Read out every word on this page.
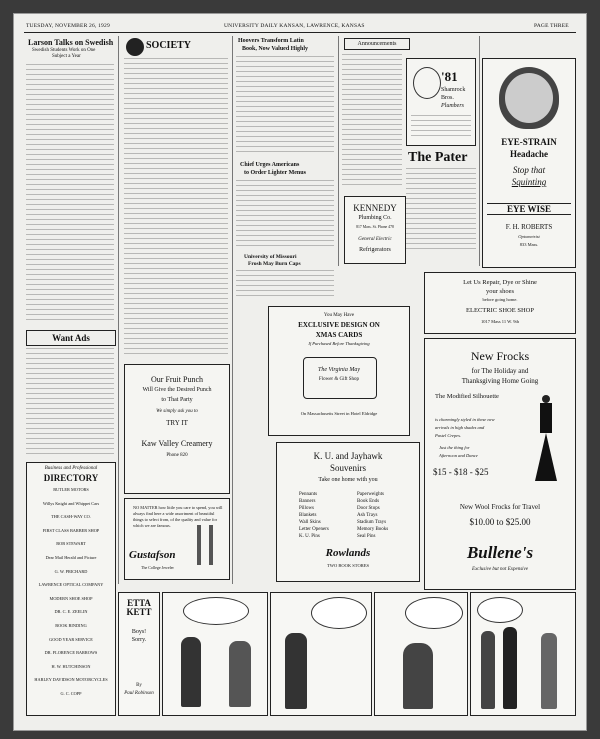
TUESDAY, NOVEMBER 26, 1929	UNIVERSITY DAILY KANSAN, LAWRENCE, KANSAS	PAGE THREE
Larson Talks on Swedish
Swedish Students Work on One
Subject a Year
Want Ads
Business and Professional
DIRECTORY
BUTLER MOTORS
Willys Knight and Whippet Cars
THE CASH-WAY CO.
FIRST CLASS BARBER SHOP
BOB STEWART
Dear Mail Herald and Picture
G. W. PRICHARD
LAWRENCE OPTICAL COMPANY
MODERN SHOE SHOP
DR. C. E. ZEELIN
BOOK BINDING
GOOD YEAR SERVICE
DR. FLORENCE BARROWS
H. W. HUTCHINSON
HARLEY DAVIDSON MOTORCYCLES
G. C. COPP
SOCIETY
Our Fruit Punch
Will Give the Desired Punch
to That Party
We simply ask you to
TRY IT
Kaw Valley Creamery
Phone 820
NO MATTER how little you care to spend, you will always find here a wide assortment of beautiful things to select from, of the quality and value for which we are famous.
Gustafson
The College Jeweler
Hoovers Transform Latin
Book, Now Valued Highly
Chief Urges Americans
to Order Lighter Menus
University of Missouri
Frosh May Burn Caps
Announcements
KENNEDY
Plumbing Co.
817 Mass. St. Phone 478
General Electric
Refrigerators
'81
Shamrock
Bros.
Plumbers
The Pater
EYE-STRAIN
Headache
Stop that
Squinting
EYE WISE
F. H. ROBERTS
Optometrist
833 Mass.
You May Have
EXCLUSIVE DESIGN ON
XMAS CARDS
If Purchased Before Thanksgiving
The Virginia May
Flower & Gift Shop
On Massachusetts Street in Hotel Eldridge
K. U. and Jayhawk
Souvenirs
Take one home with you
Pennants
Banners
Pillows
Blankets
Wall Skins
Letter Openers
K. U. Pins
Paperweights
Book Ends
Door Stops
Ash Trays
Stadium Trays
Memory Books
Seal Pins
Rowlands
TWO BOOK STORES
Let Us Repair, Dye or Shine
your shoes
before going home.
ELECTRIC SHOE SHOP
1017 Mass 11 W. 9th
New Frocks
for The Holiday and
Thanksgiving Home Going
The Modified Silhouette
is charmingly styled in these new
arrivals in high shades and
Pastel Crepes.
Just the thing for
Afternoon and Dance
$15 - $18 - $25
New Wool Frocks for Travel
$10.00 to $25.00
Bullene's
Exclusive but not Expensive
ETTA KETT
Boys!
Sorry.
By
Paul Robinson
